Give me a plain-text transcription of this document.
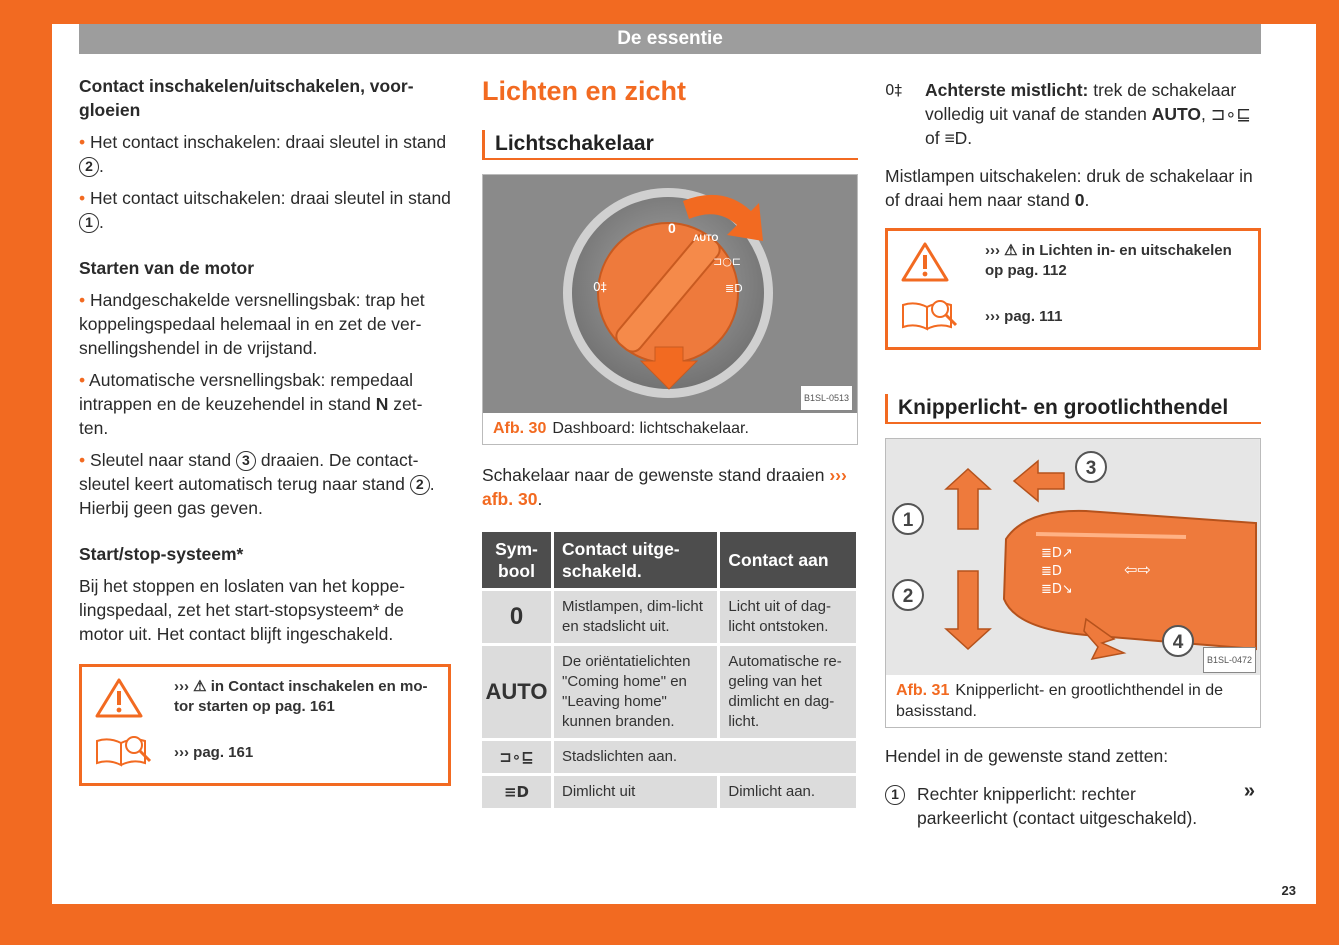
De essentie
Contact inschakelen/uitschakelen, voor-gloeien

• Het contact inschakelen: draai sleutel in stand 2 .

• Het contact uitschakelen: draai sleutel in stand 1 .

Starten van de motor

• Handgeschakelde versnellingsbak: trap het koppelingspedaal helemaal in en zet de ver-snellingshendel in de vrijstand.

• Automatische versnellingsbak: rempedaal intrappen en de keuzehendel in stand N zet-ten.

• Sleutel naar stand 3 draaien. De contact-sleutel keert automatisch terug naar stand 2 . Hierbij geen gas geven.

Start/stop-systeem*

Bij het stoppen en loslaten van het koppe-lingspedaal, zet het start-stopsysteem* de motor uit. Het contact blijft ingeschakeld.

››› ⚠ in Contact inschakelen en mo-tor starten op pag. 161
››› pag. 161
Lichten en zicht
Lichtschakelaar
0
AUTO
⊐○⊏
≣D
0‡
B1SL-0513
Afb. 30 Dashboard: lichtschakelaar.

Schakelaar naar de gewenste stand draaien ››› afb. 30.

Sym-bool	Contact uitge-schakeld.	Contact aan
0	Mistlampen, dim-licht en stadslicht uit.	Licht uit of dag-licht ontstoken.
AUTO	De oriëntatielichten "Coming home" en "Leaving home" kunnen branden.	Automatische re-geling van het dimlicht en dag-licht.
⊐∘⊑	Stadslichten aan.	
≡D	Dimlicht uit	Dimlicht aan.
0‡	Achterste mistlicht: trek de schakelaar volledig uit vanaf de standen AUTO, ⊐∘⊑ of ≡D.

Mistlampen uitschakelen: druk de schakelaar in of draai hem naar stand 0.

››› ⚠ in Lichten in- en uitschakelen op pag. 112
››› pag. 111
Knipperlicht- en grootlichthendel
≣D↗
≣D
≣D↘
⇦⇨
1
2
3
4
B1SL-0472
Afb. 31 Knipperlicht- en grootlichthendel in de basisstand.

Hendel in de gewenste stand zetten:

1	Rechter knipperlicht: rechter parkeerlicht (contact uitgeschakeld).
»
23
